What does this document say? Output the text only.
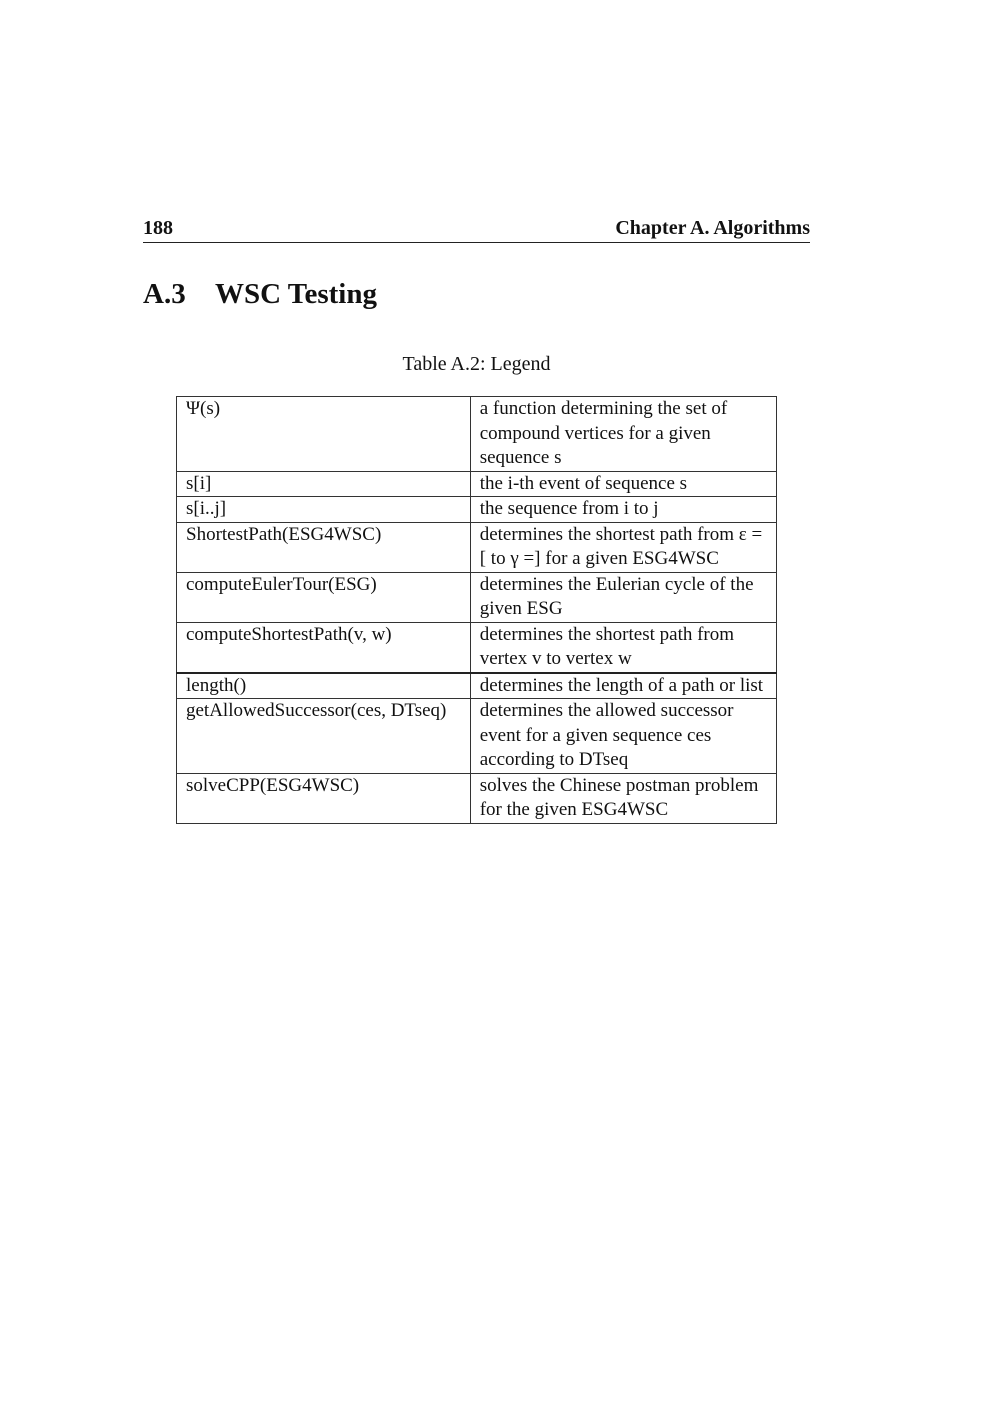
188	Chapter A. Algorithms
A.3 WSC Testing
Table A.2: Legend
Ψ(s)	a function determining the set of compound vertices for a given sequence s
s[i]	the i-th event of sequence s
s[i..j]	the sequence from i to j
ShortestPath(ESG4WSC)	determines the shortest path from ε = [ to γ =] for a given ESG4WSC
computeEulerTour(ESG)	determines the Eulerian cycle of the given ESG
computeShortestPath(v, w)	determines the shortest path from vertex v to vertex w
length()	determines the length of a path or list
getAllowedSuccessor(ces, DTseq)	determines the allowed successor event for a given sequence ces according to DTseq
solveCPP(ESG4WSC)	solves the Chinese postman problem for the given ESG4WSC
